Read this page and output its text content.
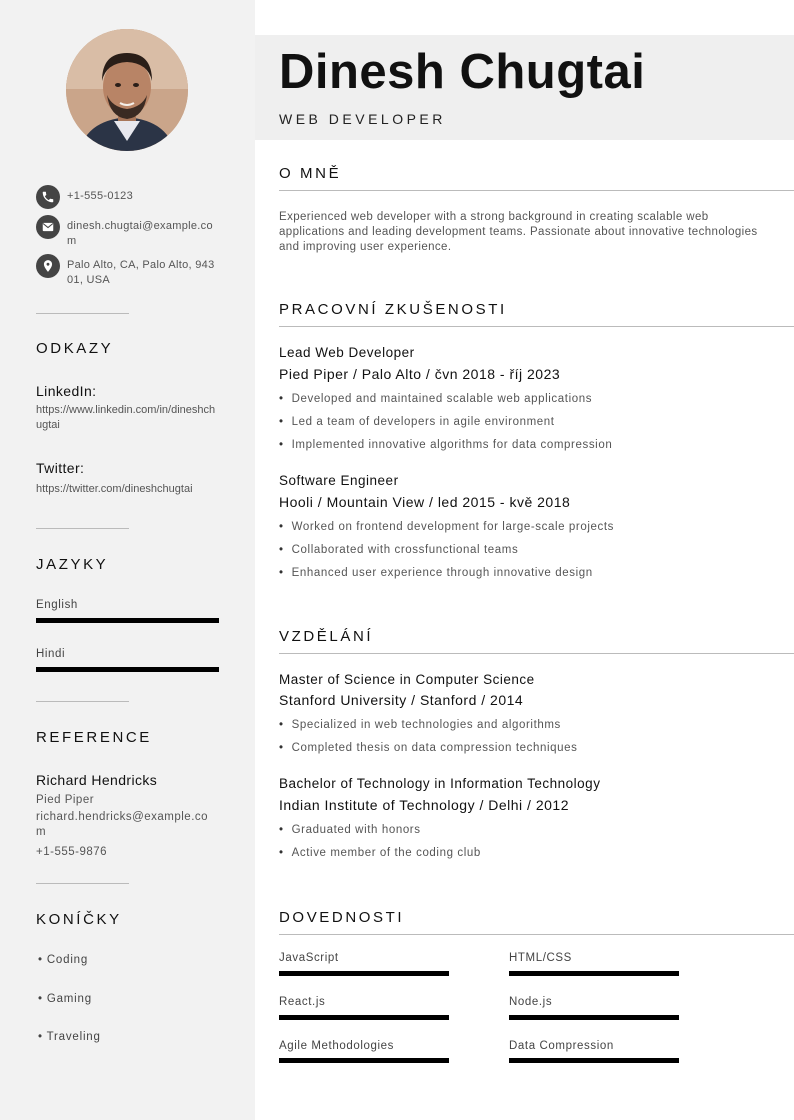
+1-555-0123
dinesh.chugtai@example.com
Palo Alto, CA, Palo Alto, 94301, USA
ODKAZY
LinkedIn:
https://www.linkedin.com/in/dineshchugtai
Twitter:
https://twitter.com/dineshchugtai
JAZYKY
English
Hindi
REFERENCE
Richard Hendricks
Pied Piper
richard.hendricks@example.com
+1-555-9876
KONÍČKY
• Coding
• Gaming
• Traveling
Dinesh Chugtai
WEB DEVELOPER
O MNĚ
Experienced web developer with a strong background in creating scalable web applications and leading development teams. Passionate about innovative technologies and improving user experience.
PRACOVNÍ ZKUŠENOSTI
Lead Web Developer
Pied Piper / Palo Alto / čvn 2018 - říj 2023
• Developed and maintained scalable web applications
• Led a team of developers in agile environment
• Implemented innovative algorithms for data compression
Software Engineer
Hooli / Mountain View / led 2015 - kvě 2018
• Worked on frontend development for large-scale projects
• Collaborated with crossfunctional teams
• Enhanced user experience through innovative design
VZDĚLÁNÍ
Master of Science in Computer Science
Stanford University / Stanford / 2014
• Specialized in web technologies and algorithms
• Completed thesis on data compression techniques
Bachelor of Technology in Information Technology
Indian Institute of Technology / Delhi / 2012
• Graduated with honors
• Active member of the coding club
DOVEDNOSTI
JavaScript	HTML/CSS
React.js	Node.js
Agile Methodologies	Data Compression
